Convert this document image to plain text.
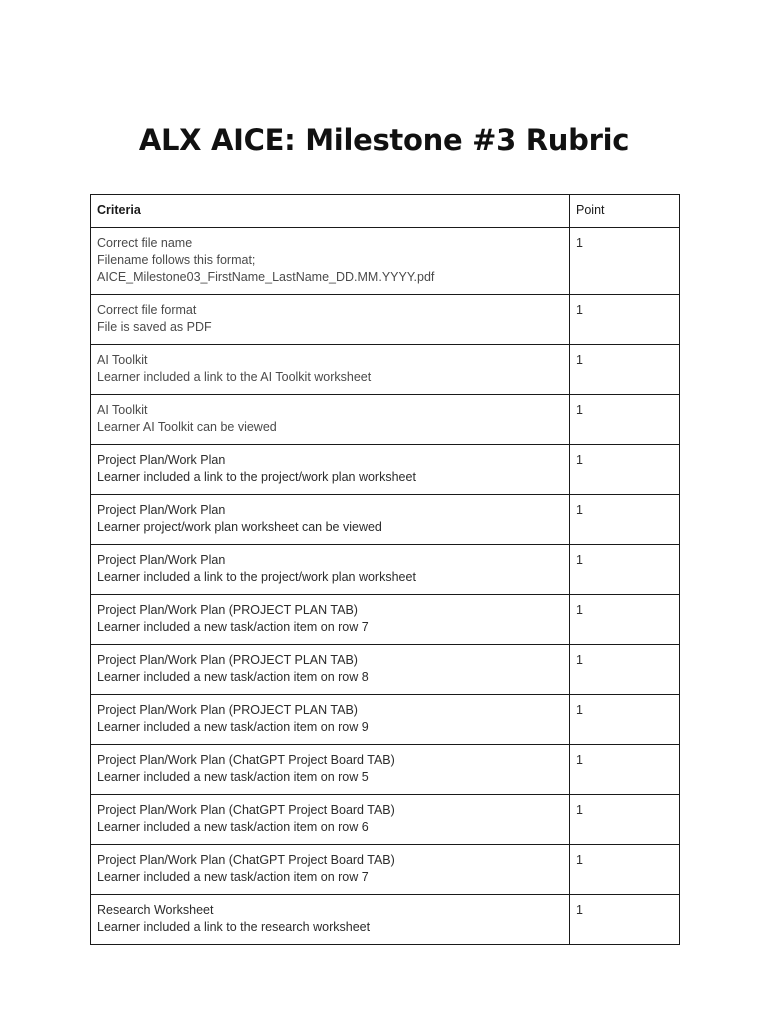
ALX AICE: Milestone #3 Rubric
Criteria	Point

Correct file name
Filename follows this format;
AICE_Milestone03_FirstName_LastName_DD.MM.YYYY.pdf	1

Correct file format
File is saved as PDF	1

AI Toolkit
Learner included a link to the AI Toolkit worksheet	1

AI Toolkit
Learner AI Toolkit can be viewed	1

Project Plan/Work Plan
Learner included a link to the project/work plan worksheet	1

Project Plan/Work Plan
Learner project/work plan worksheet can be viewed	1

Project Plan/Work Plan
Learner included a link to the project/work plan worksheet	1

Project Plan/Work Plan (PROJECT PLAN TAB)
Learner included a new task/action item on row 7	1

Project Plan/Work Plan (PROJECT PLAN TAB)
Learner included a new task/action item on row 8	1

Project Plan/Work Plan (PROJECT PLAN TAB)
Learner included a new task/action item on row 9	1

Project Plan/Work Plan (ChatGPT Project Board TAB)
Learner included a new task/action item on row 5	1

Project Plan/Work Plan (ChatGPT Project Board TAB)
Learner included a new task/action item on row 6	1

Project Plan/Work Plan (ChatGPT Project Board TAB)
Learner included a new task/action item on row 7	1

Research Worksheet
Learner included a link to the research worksheet	1
